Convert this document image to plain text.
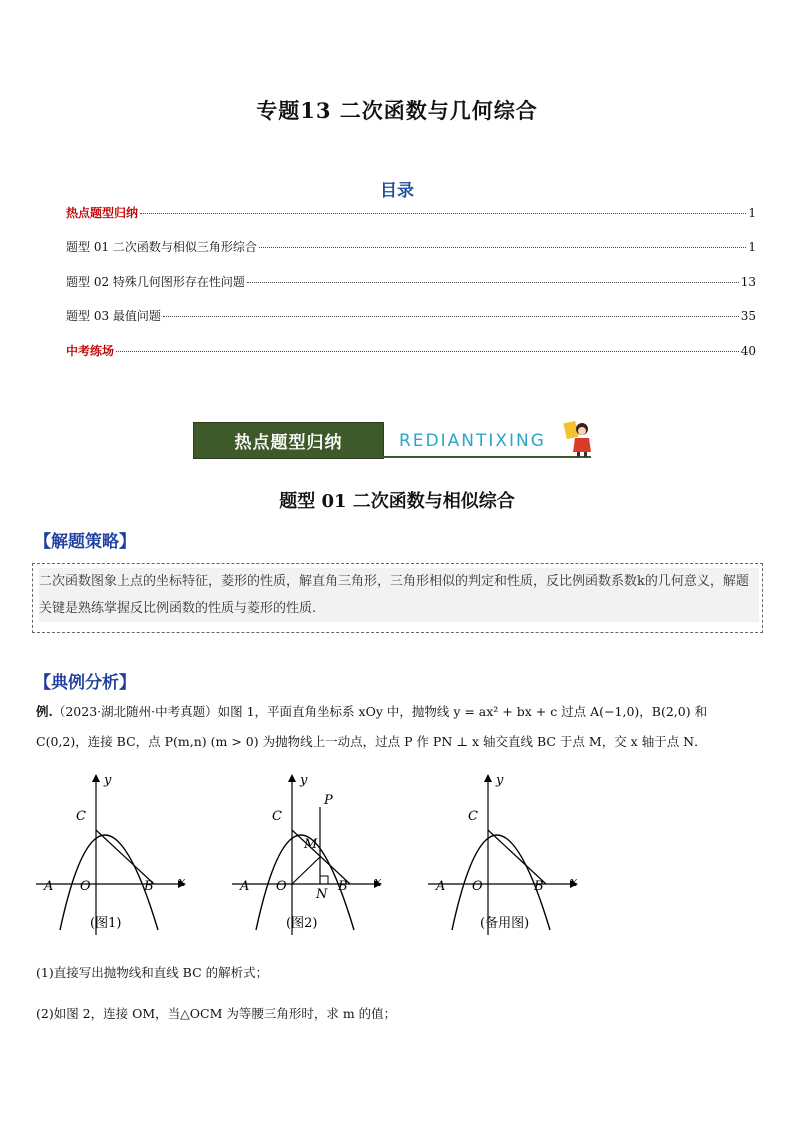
专题13 二次函数与几何综合
目录
热点题型归纳	1
题型 01 二次函数与相似三角形综合	1
题型 02 特殊几何图形存在性问题	13
题型 03 最值问题	35
中考练场	40
热点题型归纳	REDIANTIXING
题型 01 二次函数与相似综合
【解题策略】
二次函数图象上点的坐标特征，菱形的性质，解直角三角形，三角形相似的判定和性质，反比例函数系数k的几何意义，解题关键是熟练掌握反比例函数的性质与菱形的性质.
【典例分析】
例.（2023·湖北随州·中考真题）如图 1，平面直角坐标系 xOy 中，抛物线 y = ax² + bx + c 过点 A(−1,0)，B(2,0) 和
C(0,2)，连接 BC，点 P(m,n) (m > 0) 为抛物线上一动点，过点 P 作 PN ⊥ x 轴交直线 BC 于点 M，交 x 轴于点 N．
y
x
C
A O	B
(图1)
y
x
C
P
M
N
A O	B
(图2)
y
x
C
A O	B
(备用图)
(1)直接写出抛物线和直线 BC 的解析式；
(2)如图 2，连接 OM，当△OCM 为等腰三角形时，求 m 的值；
